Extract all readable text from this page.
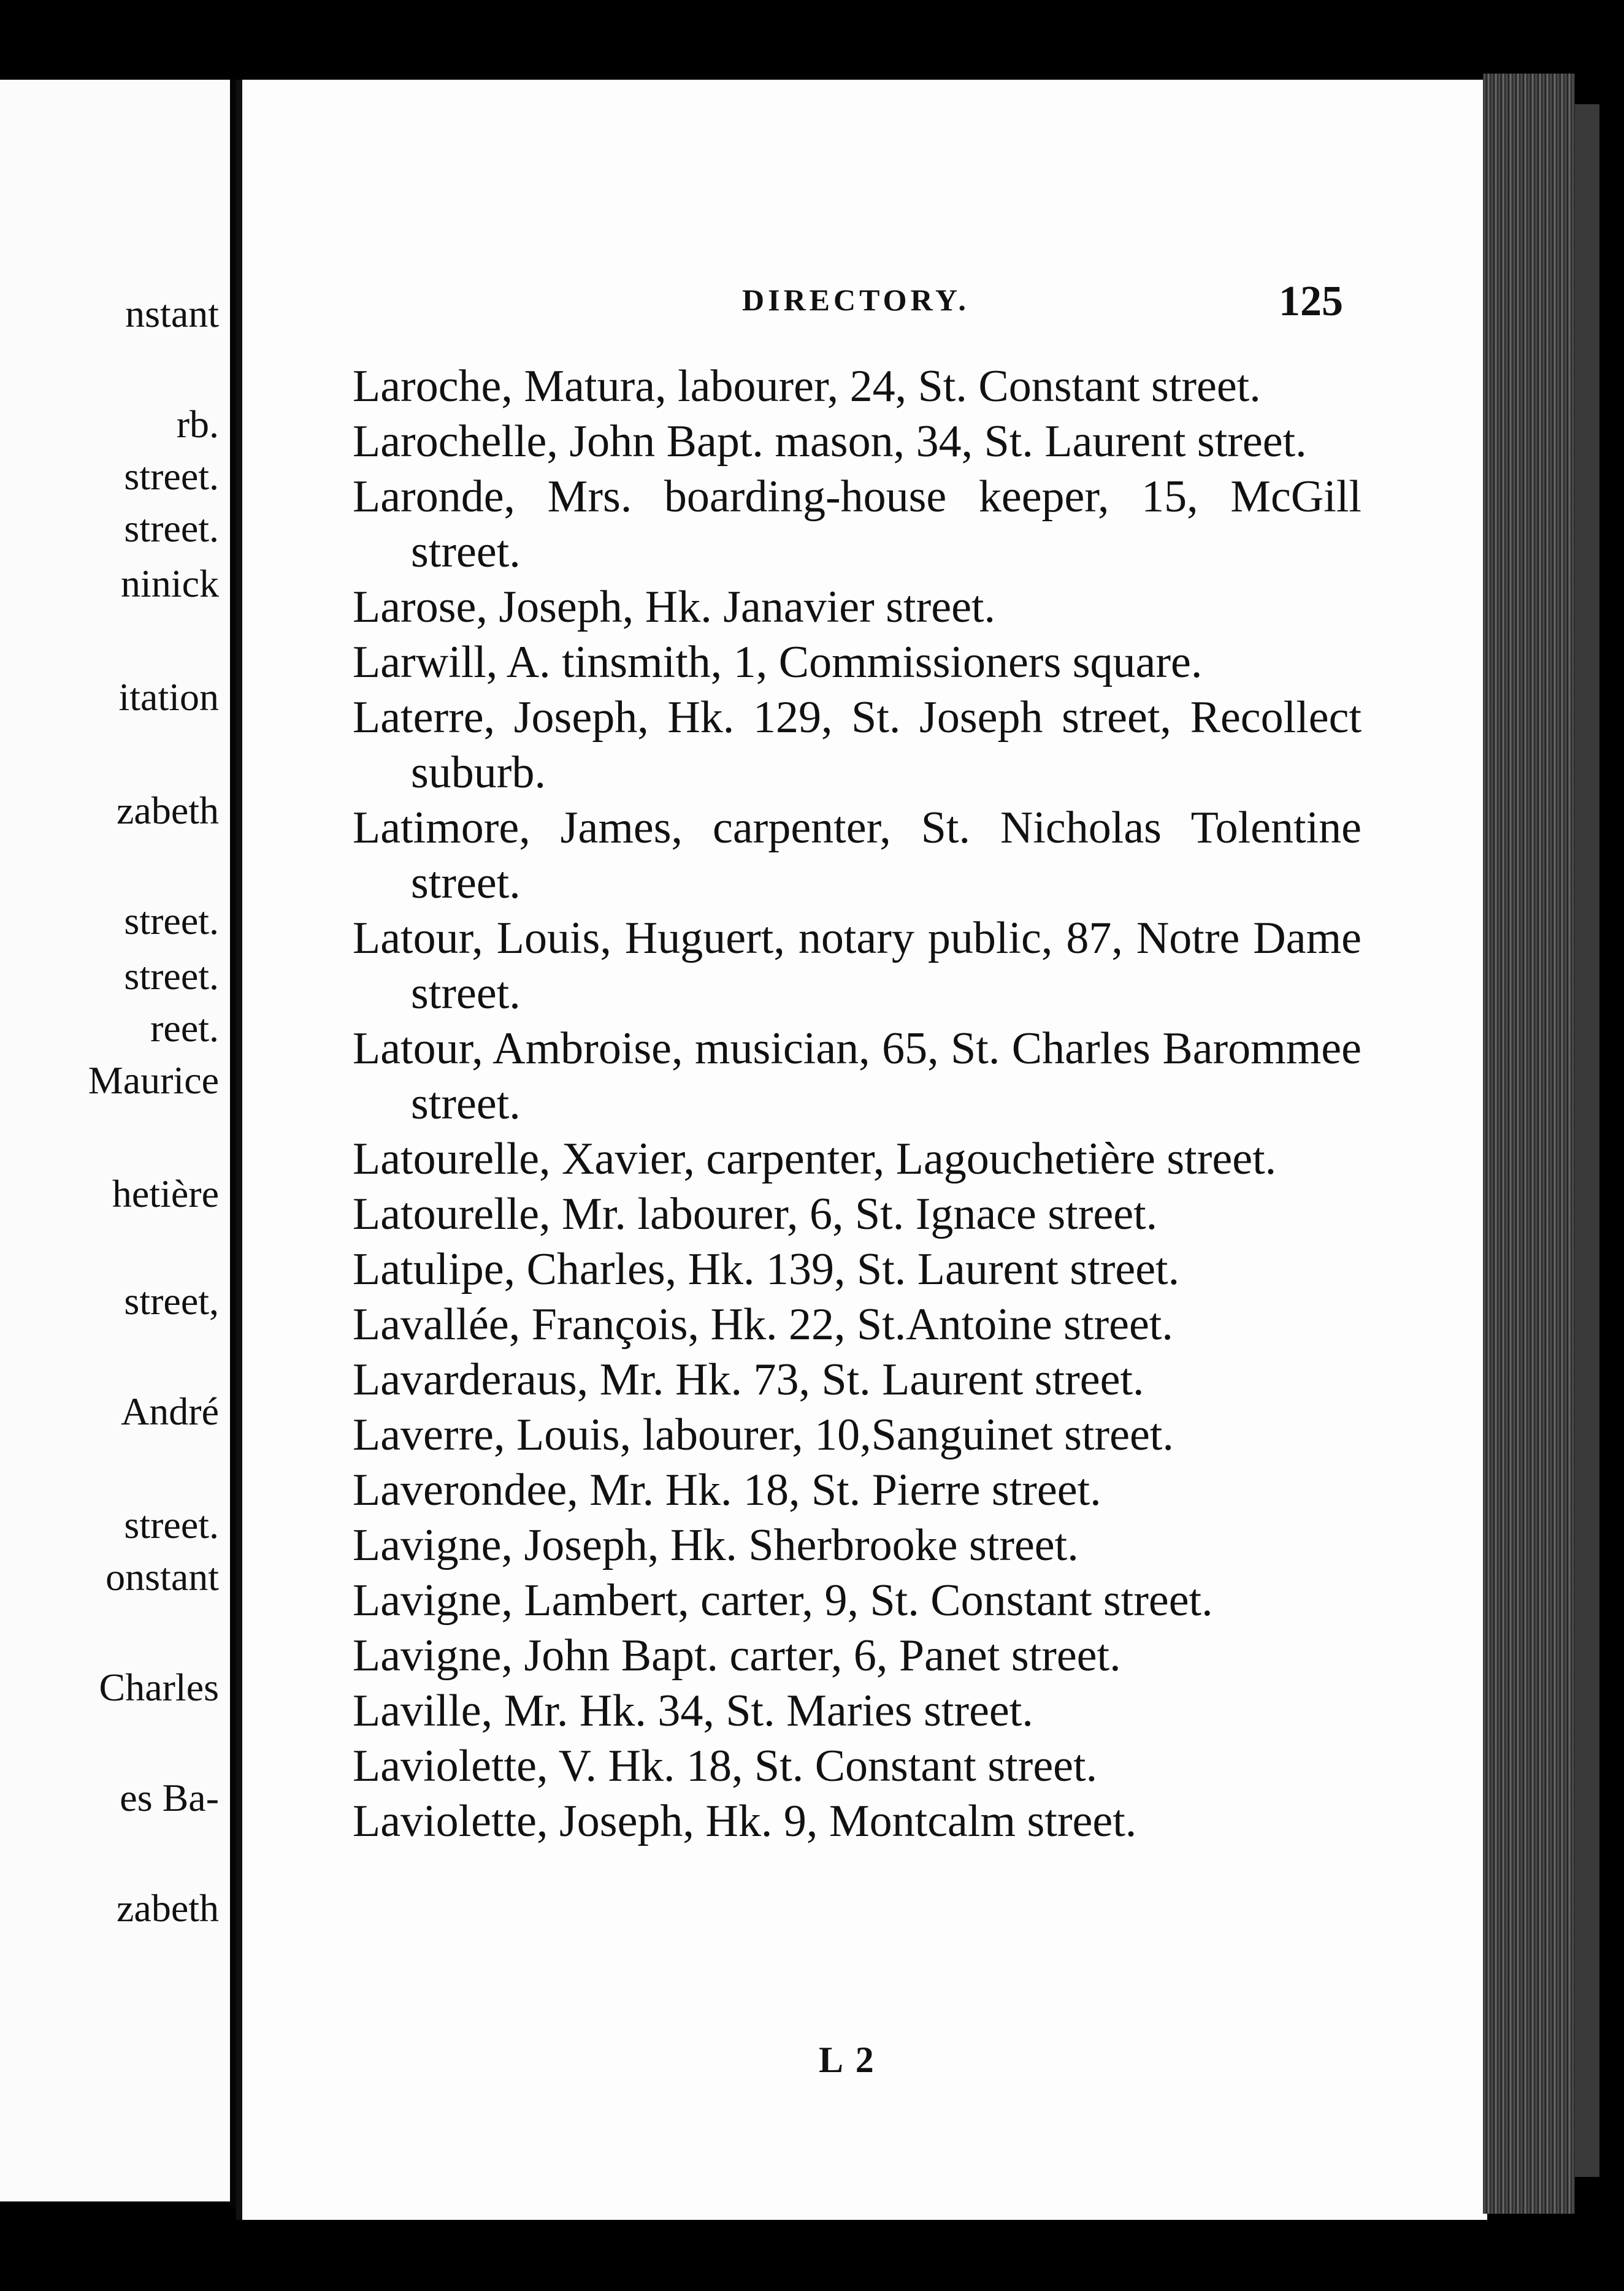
nstant
rb.
street.
street.
ninick
itation
zabeth
street.
street.
reet.
Maurice
hetière
street,
André
street.
onstant
Charles
es Ba-
zabeth
DIRECTORY.	125
Laroche, Matura, labourer, 24, St. Constant street.
Larochelle, John Bapt. mason, 34, St. Laurent street.
Laronde, Mrs. boarding-house keeper, 15, McGill street.
Larose, Joseph, Hk. Janavier street.
Larwill, A. tinsmith, 1, Commissioners square.
Laterre, Joseph, Hk. 129, St. Joseph street, Recollect suburb.
Latimore, James, carpenter, St. Nicholas Tolentine street.
Latour, Louis, Huguert, notary public, 87, Notre Dame street.
Latour, Ambroise, musician, 65, St. Charles Barommee street.
Latourelle, Xavier, carpenter, Lagouchetière street.
Latourelle, Mr. labourer, 6, St. Ignace street.
Latulipe, Charles, Hk. 139, St. Laurent street.
Lavallée, François, Hk. 22, St.Antoine street.
Lavarderaus, Mr. Hk. 73, St. Laurent street.
Laverre, Louis, labourer, 10,Sanguinet street.
Laverondee, Mr. Hk. 18, St. Pierre street.
Lavigne, Joseph, Hk. Sherbrooke street.
Lavigne, Lambert, carter, 9, St. Constant street.
Lavigne, John Bapt. carter, 6, Panet street.
Laville, Mr. Hk. 34, St. Maries street.
Laviolette, V. Hk. 18, St. Constant street.
Laviolette, Joseph, Hk. 9, Montcalm street.
L 2
